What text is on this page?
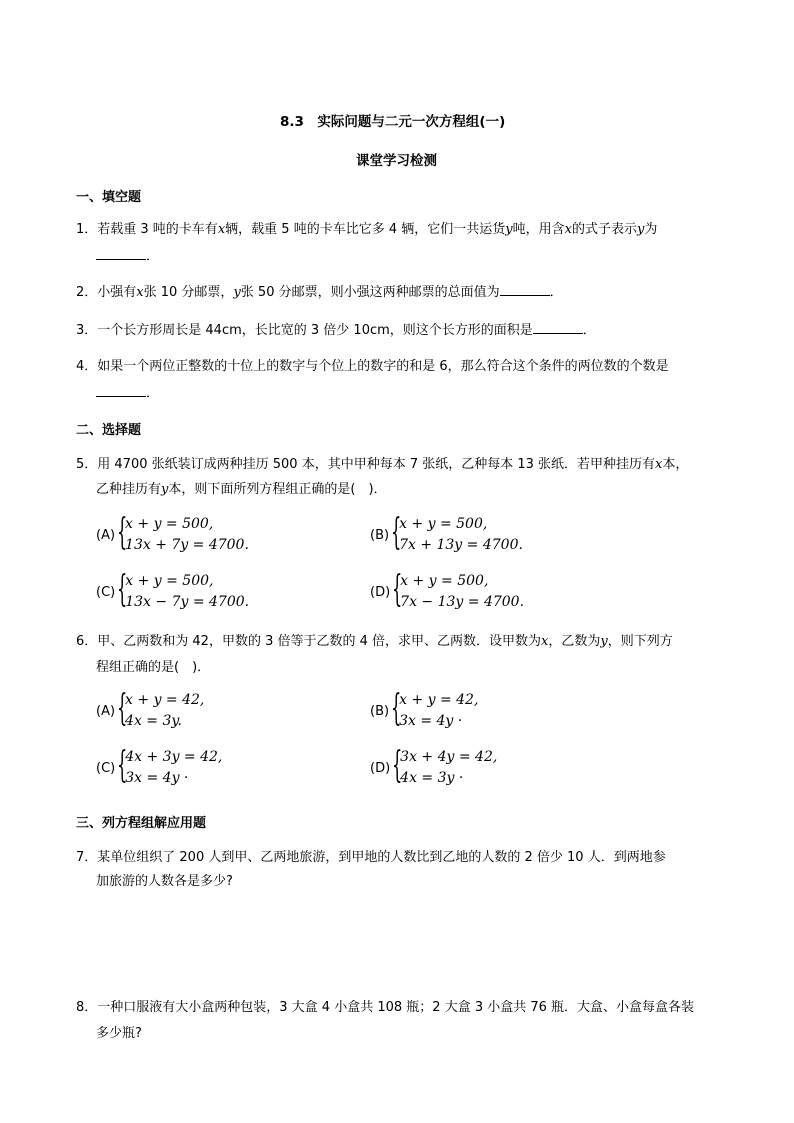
8.3　实际问题与二元一次方程组(一)
课堂学习检测
一、填空题
1．若载重 3 吨的卡车有x辆，载重 5 吨的卡车比它多 4 辆，它们一共运货y吨，用含x的式子表示y为
．
2．小强有x张 10 分邮票，y张 50 分邮票，则小强这两种邮票的总面值为	．
3．一个长方形周长是 44cm，长比宽的 3 倍少 10cm，则这个长方形的面积是	．
4．如果一个两位正整数的十位上的数字与个位上的数字的和是 6，那么符合这个条件的两位数的个数是
．
二、选择题
5．用 4700 张纸装订成两种挂历 500 本，其中甲种每本 7 张纸，乙种每本 13 张纸．若甲种挂历有x本，
乙种挂历有y本，则下面所列方程组正确的是(　)．
(A) {
x + y = 500,
13x + 7y = 4700.
(B) {
x + y = 500,
7x + 13y = 4700.
(C) {
x + y = 500,
13x − 7y = 4700.
(D) {
x + y = 500,
7x − 13y = 4700.
6．甲、乙两数和为 42，甲数的 3 倍等于乙数的 4 倍，求甲、乙两数．设甲数为x，乙数为y，则下列方
程组正确的是(　)．
(A) {
x + y = 42,
4x = 3y.
(B) {
x + y = 42,
3x = 4y ·
(C) {
4x + 3y = 42,
3x = 4y ·
(D) {
3x + 4y = 42,
4x = 3y ·
三、列方程组解应用题
7．某单位组织了 200 人到甲、乙两地旅游，到甲地的人数比到乙地的人数的 2 倍少 10 人．到两地参
加旅游的人数各是多少?
8．一种口服液有大小盒两种包装，3 大盒 4 小盒共 108 瓶；2 大盒 3 小盒共 76 瓶．大盒、小盒每盒各装
多少瓶?
